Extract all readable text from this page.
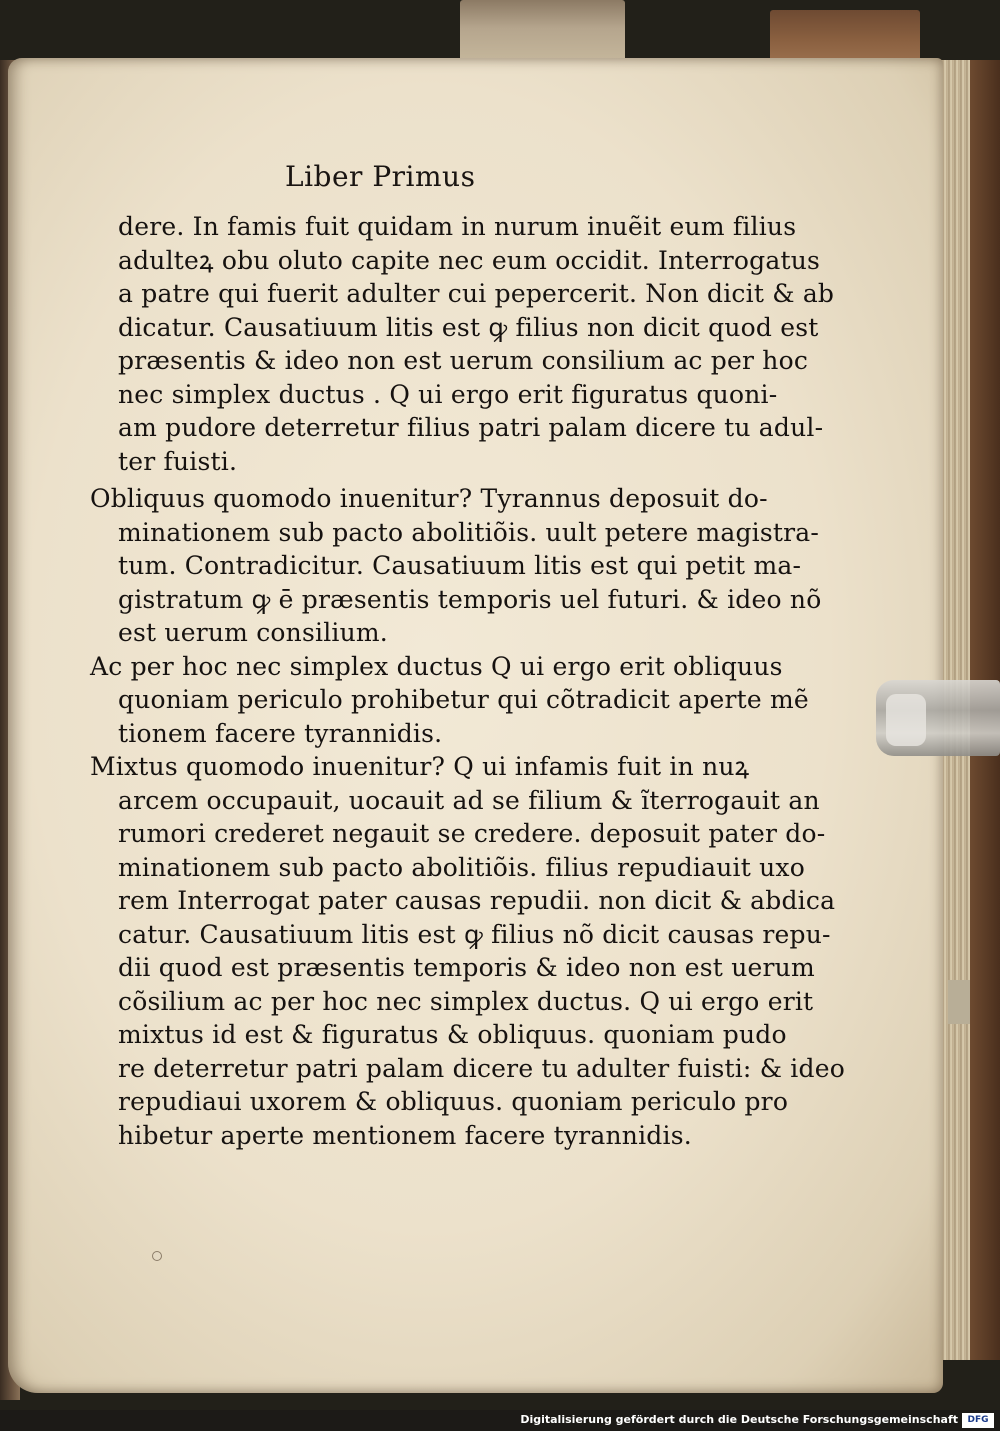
Liber Primus
dere. In famis fuit quidam in nurum inuẽit eum filius
adulteꝝ obu oluto capite nec eum occidit. Interrogatus
a patre qui fuerit adulter cui pepercerit. Non dicit & ab
dicatur. Causatiuum litis est ꝙ filius non dicit quod est
præsentis & ideo non est uerum consilium ac per hoc
nec simplex ductus . Q ui ergo erit figuratus quoni-
am pudore deterretur filius patri palam dicere tu adul-
ter fuisti.
Obliquus quomodo inuenitur? Tyrannus deposuit do-
minationem sub pacto abolitiõis. uult petere magistra-
tum. Contradicitur. Causatiuum litis est qui petit ma-
gistratum ꝙ ē præsentis temporis uel futuri. & ideo nõ
est uerum consilium.
Ac per hoc nec simplex ductus Q ui ergo erit obliquus
quoniam periculo prohibetur qui cõtradicit aperte mẽ
tionem facere tyrannidis.
Mixtus quomodo inuenitur? Q ui infamis fuit in nuꝝ
arcem occupauit, uocauit ad se filium & ĩterrogauit an
rumori crederet negauit se credere. deposuit pater do-
minationem sub pacto abolitiõis. filius repudiauit uxo
rem Interrogat pater causas repudii. non dicit & abdica
catur. Causatiuum litis est ꝙ filius nõ dicit causas repu-
dii quod est præsentis temporis & ideo non est uerum
cõsilium ac per hoc nec simplex ductus. Q ui ergo erit
mixtus id est & figuratus & obliquus. quoniam pudo
re deterretur patri palam dicere tu adulter fuisti: & ideo
repudiaui uxorem & obliquus. quoniam periculo pro
hibetur aperte mentionem facere tyrannidis.
Digitalisierung gefördert durch die Deutsche Forschungsgemeinschaft	DFG
